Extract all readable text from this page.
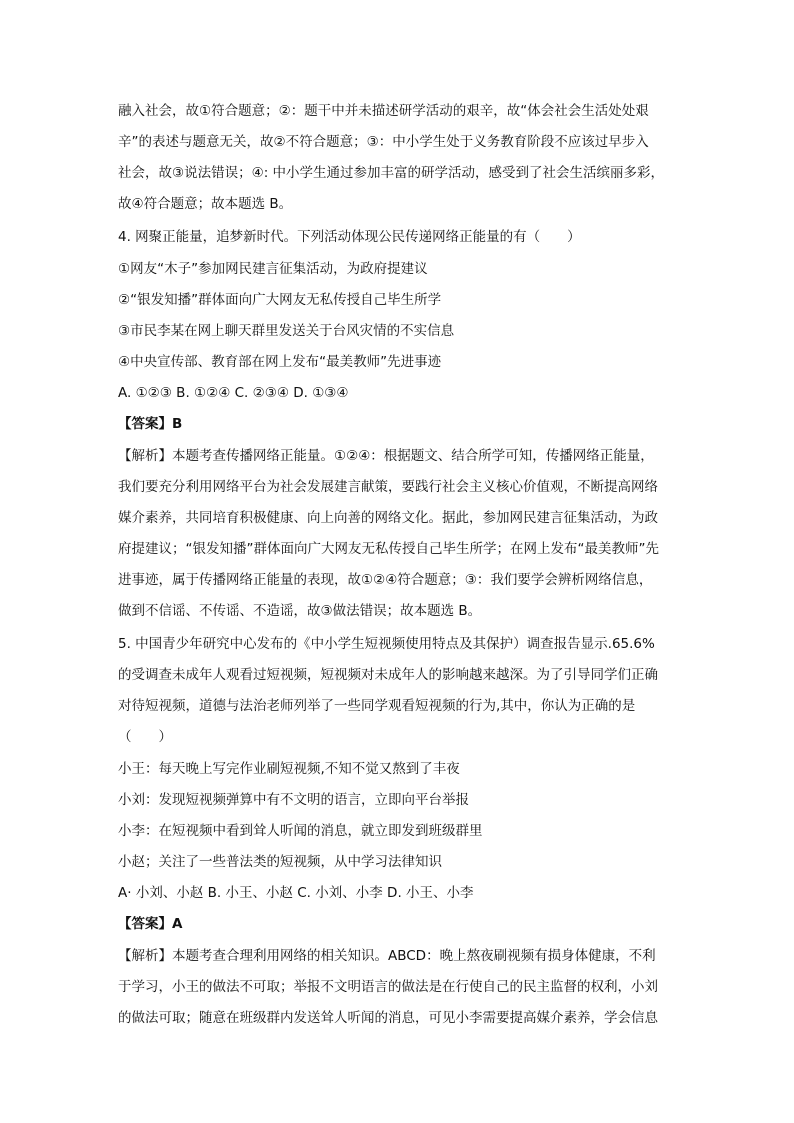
融入社会，故①符合题意；②：题干中并未描述研学活动的艰辛，故“体会社会生活处处艰
辛”的表述与题意无关，故②不符合题意；③：中小学生处于义务教育阶段不应该过早步入
社会，故③说法错误；④: 中小学生通过参加丰富的研学活动，感受到了社会生活缤丽多彩，
故④符合题意；故本题选 B。
4. 网聚正能量，追梦新时代。下列活动体现公民传递网络正能量的有（　　）
①网友“木子”参加网民建言征集活动，为政府提建议
②“银发知播”群体面向广大网友无私传授自己毕生所学
③市民李某在网上聊天群里发送关于台风灾情的不实信息
④中央宣传部、教育部在网上发布“最美教师”先进事迹
A. ①②③ B. ①②④ C. ②③④ D. ①③④
【答案】B
【解析】本题考查传播网络正能量。①②④：根据题文、结合所学可知，传播网络正能量，
我们要充分利用网络平台为社会发展建言献策，要践行社会主义核心价值观，不断提高网络
媒介素养，共同培育积极健康、向上向善的网络文化。据此，参加网民建言征集活动，为政
府提建议；“银发知播”群体面向广大网友无私传授自己毕生所学；在网上发布“最美教师”先
进事迹，属于传播网络正能量的表现，故①②④符合题意；③：我们要学会辨析网络信息，
做到不信谣、不传谣、不造谣，故③做法错误；故本题选 B。
5. 中国青少年研究中心发布的《中小学生短视频使用特点及其保护）调查报告显示.65.6%
的受调查未成年人观看过短视频，短视频对未成年人的影响越来越深。为了引导同学们正确
对待短视频，道德与法治老师列举了一些同学观看短视频的行为,其中，你认为正确的是
（　　）
小王：每天晚上写完作业刷短视频,不知不觉又熬到了丰夜
小刘：发现短视频弹算中有不文明的语言，立即向平台举报
小李：在短视频中看到耸人听闻的消息，就立即发到班级群里
小赵；关注了一些普法类的短视频，从中学习法律知识
A· 小刘、小赵 B. 小王、小赵 C. 小刘、小李 D. 小王、小李
【答案】A
【解析】本题考查合理利用网络的相关知识。ABCD：晚上熬夜刷视频有损身体健康，不利
于学习，小王的做法不可取；举报不文明语言的做法是在行使自己的民主监督的权利，小刘
的做法可取；随意在班级群内发送耸人听闻的消息，可见小李需要提高媒介素养，学会信息
